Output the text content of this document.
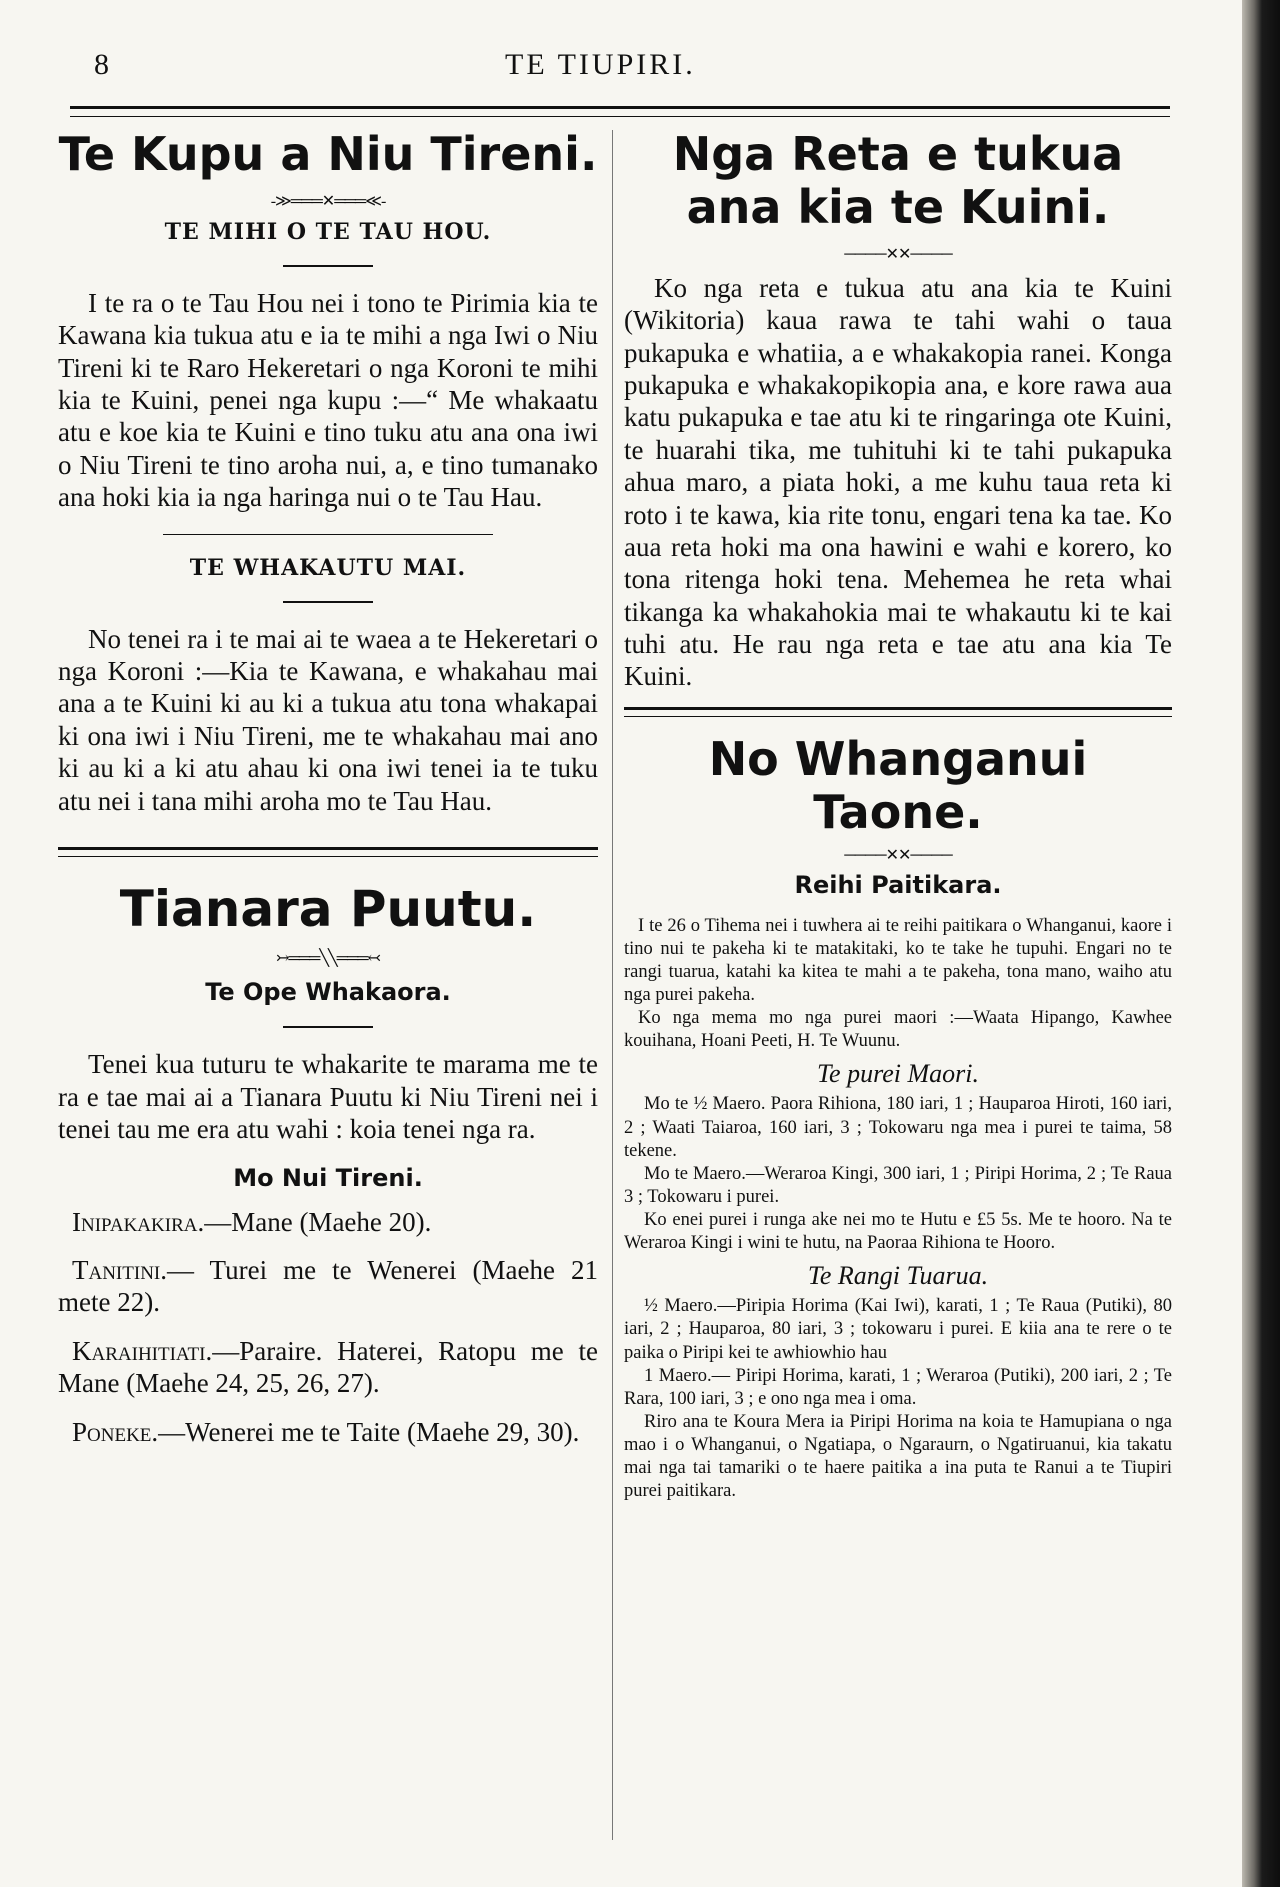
8	TE TIUPIRI.
Te Kupu a Niu Tireni.
-≫═══✕═══≪-
TE MIHI O TE TAU HOU.

I te ra o te Tau Hou nei i tono te Pirimia kia te Kawana kia tukua atu e ia te mihi a nga Iwi o Niu Tireni ki te Raro Hekeretari o nga Koroni te mihi kia te Kuini, penei nga kupu :—“ Me whakaatu atu e koe kia te Kuini e tino tuku atu ana ona iwi o Niu Tireni te tino aroha nui, a, e tino tumanako ana hoki kia ia nga haringa nui o te Tau Hau.

TE WHAKAUTU MAI.

No tenei ra i te mai ai te waea a te Hekeretari o nga Koroni :—Kia te Kawana, e whakahau mai ana a te Kuini ki au ki a tukua atu tona whakapai ki ona iwi i Niu Tireni, me te whakahau mai ano ki au ki a ki atu ahau ki ona iwi tenei ia te tuku atu nei i tana mihi aroha mo te Tau Hau.

Tianara Puutu.
↣═══╲╲═══↢
Te Ope Whakaora.

Tenei kua tuturu te whakarite te marama me te ra e tae mai ai a Tianara Puutu ki Niu Tireni nei i tenei tau me era atu wahi : koia tenei nga ra.

Mo Nui Tireni.

Inipakakira.—Mane (Maehe 20).

Tanitini.— Turei me te Wenerei (Maehe 21 mete 22).

Karaihitiati.—Paraire. Haterei, Ratopu me te Mane (Maehe 24, 25, 26, 27).

Poneke.—Wenerei me te Taite (Maehe 29, 30).

Nga Reta e tukua ana kia te Kuini.
────✕✕────

Ko nga reta e tukua atu ana kia te Kuini (Wikitoria) kaua rawa te tahi wahi o taua pukapuka e whatiia, a e whakakopia ranei. Konga pukapuka e whakakopikopia ana, e kore rawa aua katu pukapuka e tae atu ki te ringaringa ote Kuini, te huarahi tika, me tuhituhi ki te tahi pukapuka ahua maro, a piata hoki, a me kuhu taua reta ki roto i te kawa, kia rite tonu, engari tena ka tae. Ko aua reta hoki ma ona hawini e wahi e korero, ko tona ritenga hoki tena. Mehemea he reta whai tikanga ka whakahokia mai te whakautu ki te kai tuhi atu. He rau nga reta e tae atu ana kia Te Kuini.

No Whanganui Taone.
────✕✕────
Reihi Paitikara.

I te 26 o Tihema nei i tuwhera ai te reihi paitikara o Whanganui, kaore i tino nui te pakeha ki te matakitaki, ko te take he tupuhi. Engari no te rangi tuarua, katahi ka kitea te mahi a te pakeha, tona mano, waiho atu nga purei pakeha.

Ko nga mema mo nga purei maori :—Waata Hipango, Kawhee kouihana, Hoani Peeti, H. Te Wuunu.

Te purei Maori.

Mo te ½ Maero. Paora Rihiona, 180 iari, 1 ; Hauparoa Hiroti, 160 iari, 2 ; Waati Taiaroa, 160 iari, 3 ; Tokowaru nga mea i purei te taima, 58 tekene.

Mo te Maero.—Weraroa Kingi, 300 iari, 1 ; Piripi Horima, 2 ; Te Raua 3 ; Tokowaru i purei.

Ko enei purei i runga ake nei mo te Hutu e £5 5s. Me te hooro. Na te Weraroa Kingi i wini te hutu, na Paoraa Rihiona te Hooro.

Te Rangi Tuarua.

½ Maero.—Piripia Horima (Kai Iwi), karati, 1 ; Te Raua (Putiki), 80 iari, 2 ; Hauparoa, 80 iari, 3 ; tokowaru i purei. E kiia ana te rere o te paika o Piripi kei te awhiowhio hau

1 Maero.— Piripi Horima, karati, 1 ; Weraroa (Putiki), 200 iari, 2 ; Te Rara, 100 iari, 3 ; e ono nga mea i oma.

Riro ana te Koura Mera ia Piripi Horima na koia te Hamupiana o nga mao i o Whanganui, o Ngatiapa, o Ngaraurn, o Ngatiruanui, kia takatu mai nga tai tamariki o te haere paitika a ina puta te Ranui a te Tiupiri purei paitikara.
